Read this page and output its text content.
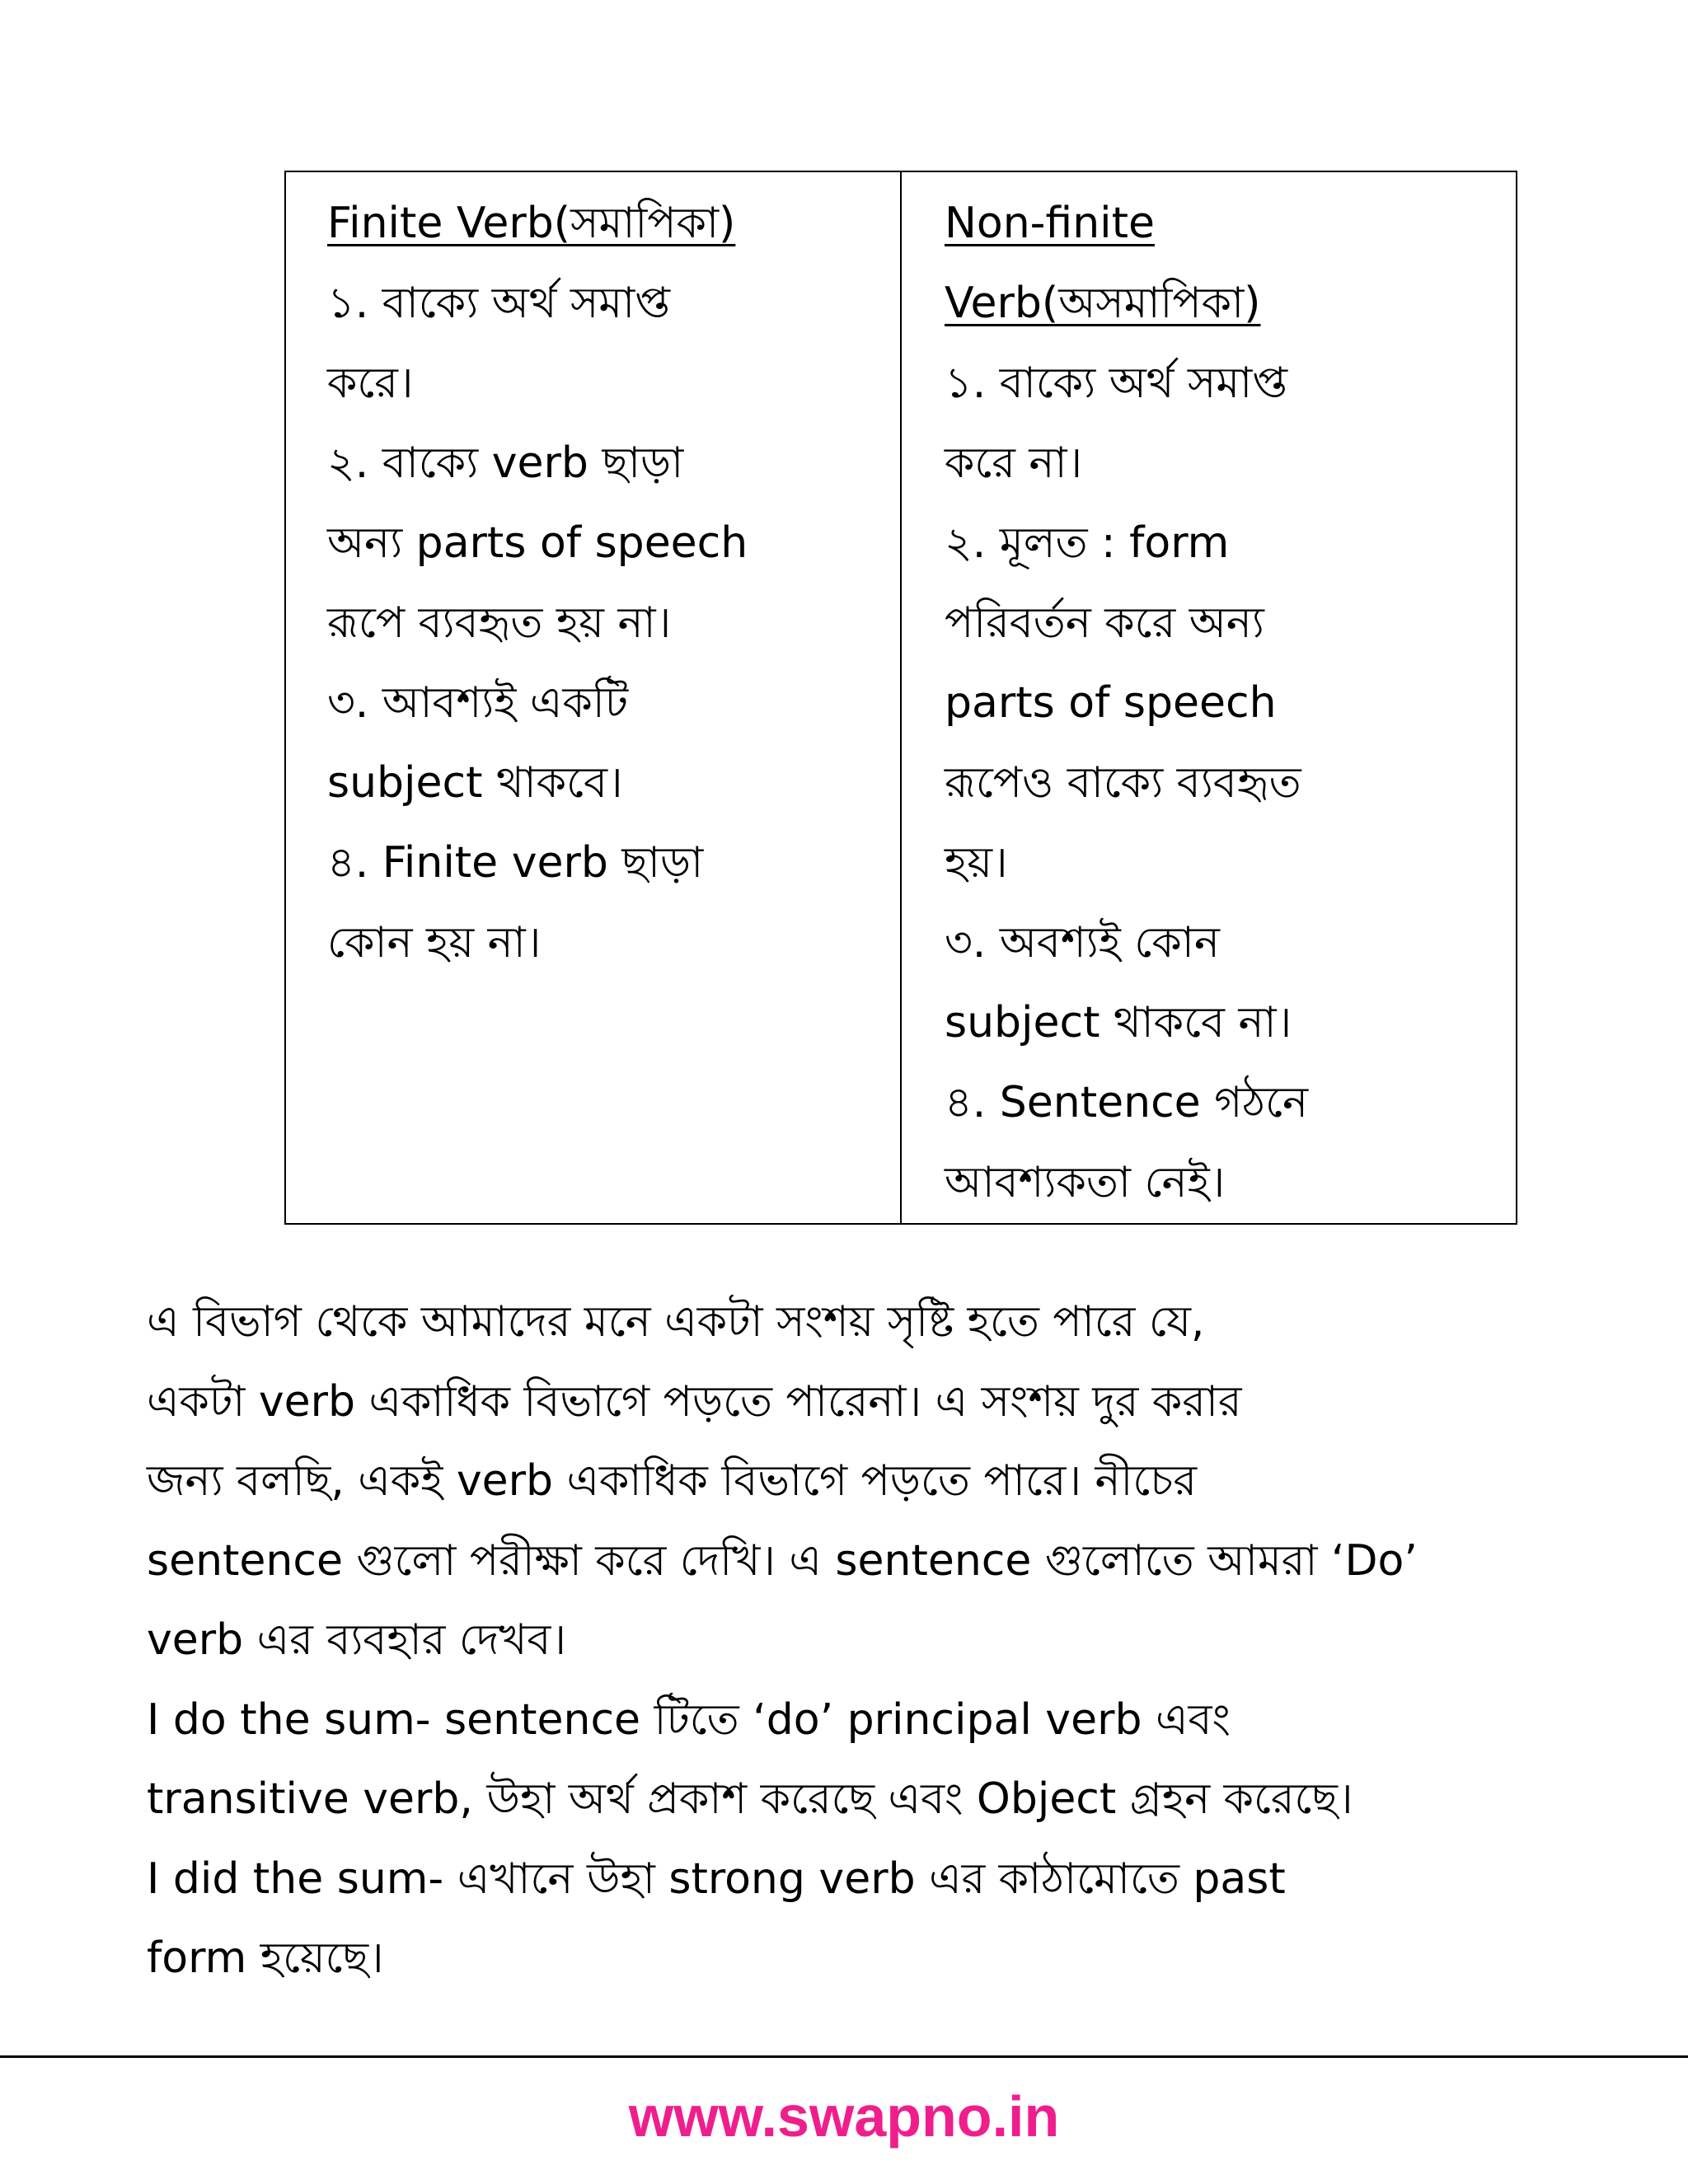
Finite Verb(সমাপিকা)
১. বাক্যে অর্থ সমাপ্ত
করে।
২. বাক্যে verb ছাড়া
অন্য parts of speech
রূপে ব্যবহৃত হয় না।
৩. আবশ্যই একটি
subject থাকবে।
৪. Finite verb ছাড়া
কোন হয় না।

Non-finite
Verb(অসমাপিকা)
১. বাক্যে অর্থ সমাপ্ত
করে না।
২. মূলত : form
পরিবর্তন করে অন্য
parts of speech
রূপেও বাক্যে ব্যবহৃত
হয়।
৩. অবশ্যই কোন
subject থাকবে না।
৪. Sentence গঠনে
আবশ্যকতা নেই।

এ বিভাগ থেকে আমাদের মনে একটা সংশয় সৃষ্টি হতে পারে যে,
একটা verb একাধিক বিভাগে পড়তে পারেনা। এ সংশয় দুর করার
জন্য বলছি, একই verb একাধিক বিভাগে পড়তে পারে। নীচের
sentence গুলো পরীক্ষা করে দেখি। এ sentence গুলোতে আমরা ‘Do’
verb এর ব্যবহার দেখব।
I do the sum- sentence টিতে ‘do’ principal verb এবং
transitive verb, উহা অর্থ প্রকাশ করেছে এবং Object গ্রহন করেছে।
I did the sum- এখানে উহা strong verb এর কাঠামোতে past
form হয়েছে।

www.swapno.in
